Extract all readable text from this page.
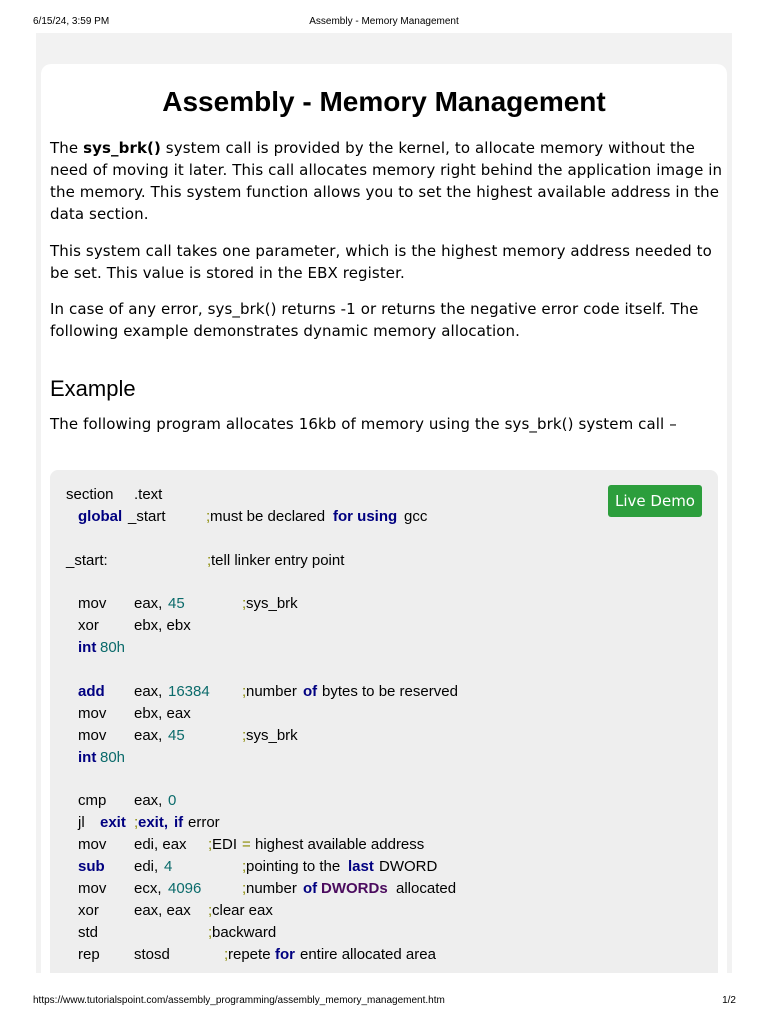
6/15/24, 3:59 PM	Assembly - Memory Management
Assembly - Memory Management

The sys_brk() system call is provided by the kernel, to allocate memory without the need of moving it later. This call allocates memory right behind the application image in the memory. This system function allows you to set the highest available address in the data section.

This system call takes one parameter, which is the highest memory address needed to be set. This value is stored in the EBX register.

In case of any error, sys_brk() returns -1 or returns the negative error code itself. The following example demonstrates dynamic memory allocation.

Example

The following program allocates 16kb of memory using the sys_brk() system call –

Live Demo
section .text
global _start	; must be declared for using gcc
_start:	; tell linker entry point
mov eax, 45	; sys_brk
xor ebx, ebx
int 80h
add eax, 16384 ; number of bytes to be reserved
mov ebx, eax
mov eax, 45	; sys_brk
int 80h
cmp eax, 0
jl exit ; exit, if error
mov edi, eax ; EDI = highest available address
sub edi, 4	; pointing to the last DWORD
mov ecx, 4096	; number of DWORDs allocated
xor eax, eax ; clear eax
std	; backward
rep stosd	; repete for entire allocated area
https://www.tutorialspoint.com/assembly_programming/assembly_memory_management.htm	1/2
